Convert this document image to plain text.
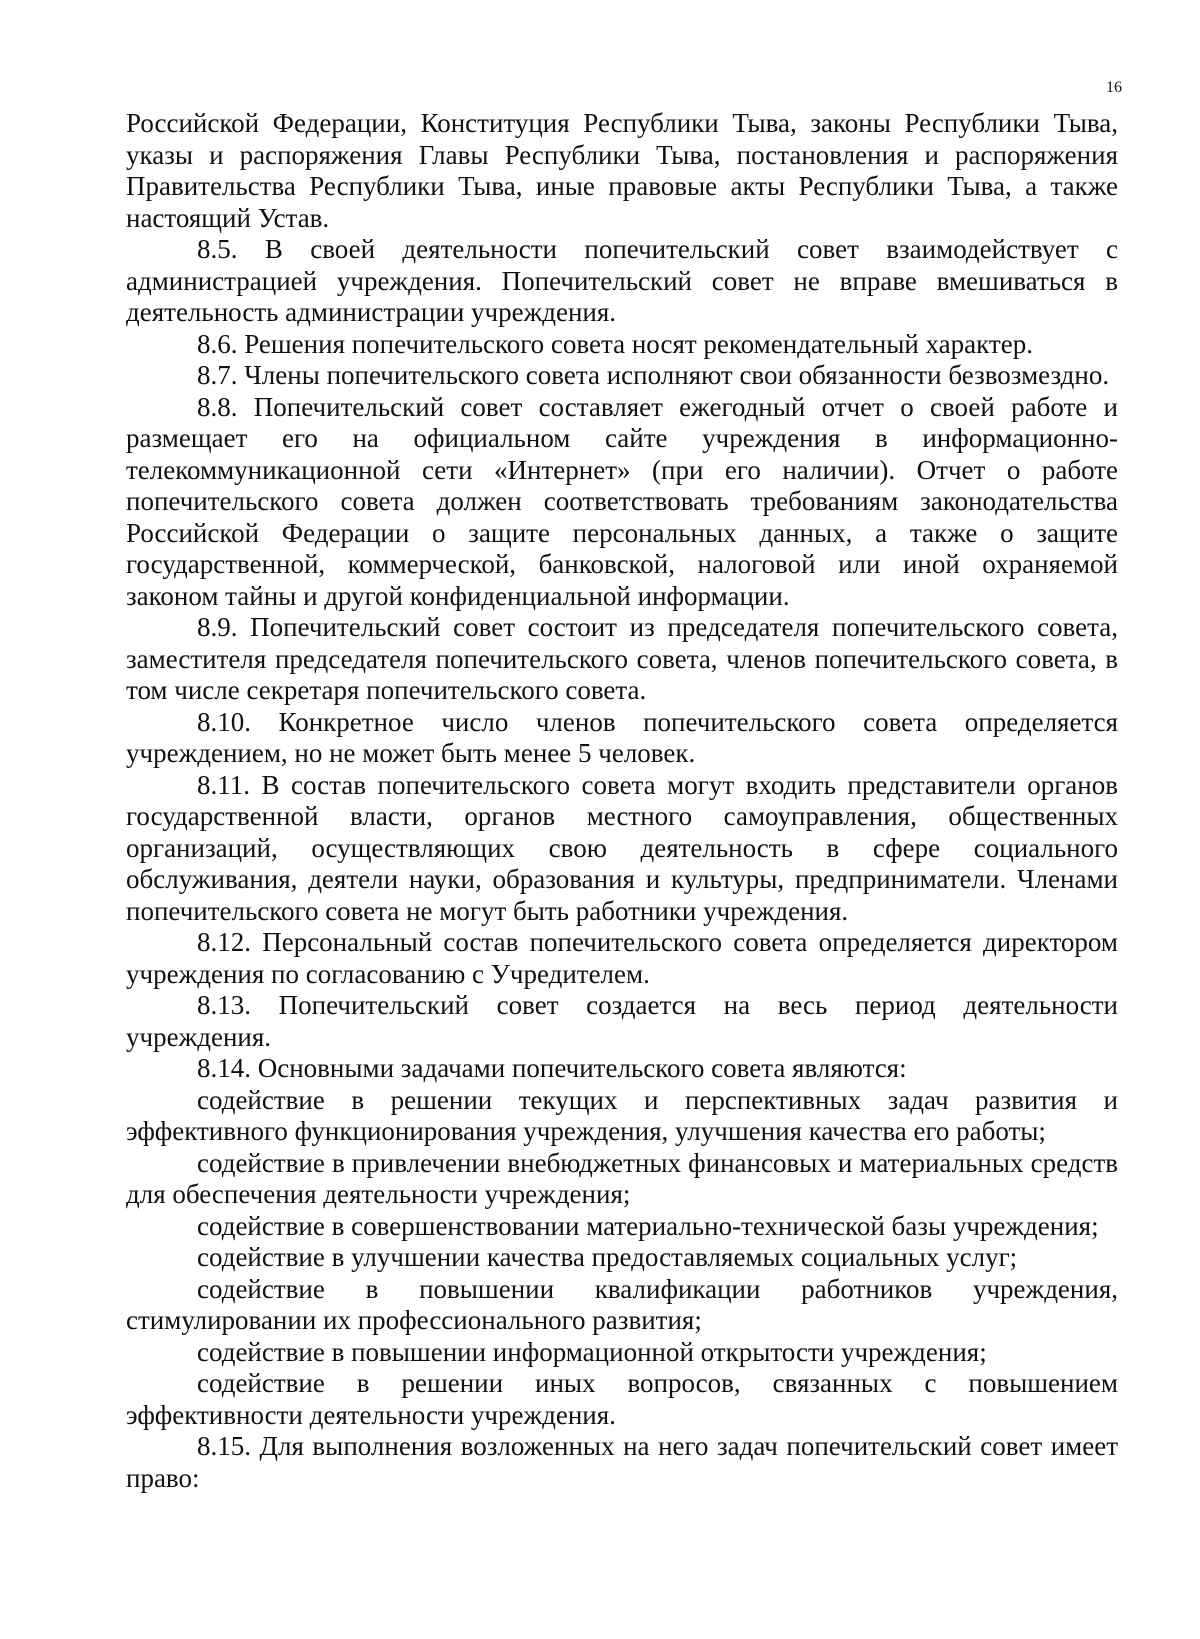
16

Российской Федерации, Конституция Республики Тыва, законы Республики Тыва, указы и распоряжения Главы Республики Тыва, постановления и распоряжения Правительства Республики Тыва, иные правовые акты Республики Тыва, а также настоящий Устав.

8.5. В своей деятельности попечительский совет взаимодействует с администрацией учреждения. Попечительский совет не вправе вмешиваться в деятельность администрации учреждения.

8.6. Решения попечительского совета носят рекомендательный характер.

8.7. Члены попечительского совета исполняют свои обязанности безвозмездно.

8.8. Попечительский совет составляет ежегодный отчет о своей работе и размещает его на официальном сайте учреждения в информационно-телекоммуникационной сети «Интернет» (при его наличии). Отчет о работе попечительского совета должен соответствовать требованиям законодательства Российской Федерации о защите персональных данных, а также о защите государственной, коммерческой, банковской, налоговой или иной охраняемой законом тайны и другой конфиденциальной информации.

8.9. Попечительский совет состоит из председателя попечительского совета, заместителя председателя попечительского совета, членов попечительского совета, в том числе секретаря попечительского совета.

8.10. Конкретное число членов попечительского совета определяется учреждением, но не может быть менее 5 человек.

8.11. В состав попечительского совета могут входить представители органов государственной власти, органов местного самоуправления, общественных организаций, осуществляющих свою деятельность в сфере социального обслуживания, деятели науки, образования и культуры, предприниматели. Членами попечительского совета не могут быть работники учреждения.

8.12. Персональный состав попечительского совета определяется директором учреждения по согласованию с Учредителем.

8.13. Попечительский совет создается на весь период деятельности учреждения.

8.14. Основными задачами попечительского совета являются:

содействие в решении текущих и перспективных задач развития и эффективного функционирования учреждения, улучшения качества его работы;

содействие в привлечении внебюджетных финансовых и материальных средств для обеспечения деятельности учреждения;

содействие в совершенствовании материально-технической базы учреждения;

содействие в улучшении качества предоставляемых социальных услуг;

содействие в повышении квалификации работников учреждения, стимулировании их профессионального развития;

содействие в повышении информационной открытости учреждения;

содействие в решении иных вопросов, связанных с повышением эффективности деятельности учреждения.

8.15. Для выполнения возложенных на него задач попечительский совет имеет право:
